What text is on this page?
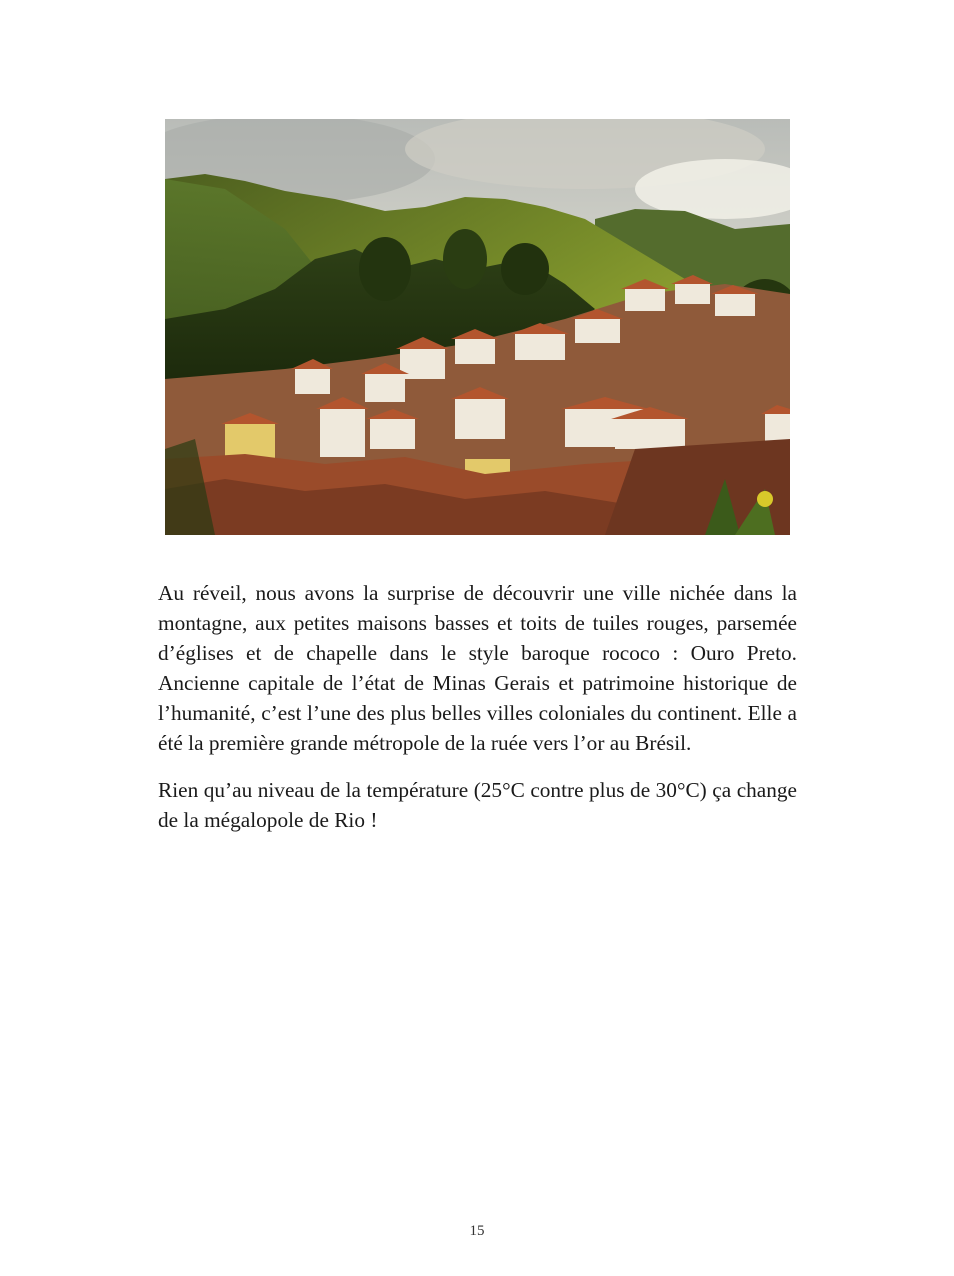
Au réveil, nous avons la surprise de découvrir une ville nichée dans la montagne, aux petites maisons basses et toits de tuiles rouges, parsemée d’églises et de chapelle dans le style baroque rococo : Ouro Preto. Ancienne capitale de l’état de Minas Gerais et patrimoine historique de l’humanité, c’est l’une des plus belles villes coloniales du continent. Elle a été la première grande métropole de la ruée vers l’or au Brésil.

Rien qu’au niveau de la température (25°C contre plus de 30°C) ça change de la mégalopole de Rio !

15
